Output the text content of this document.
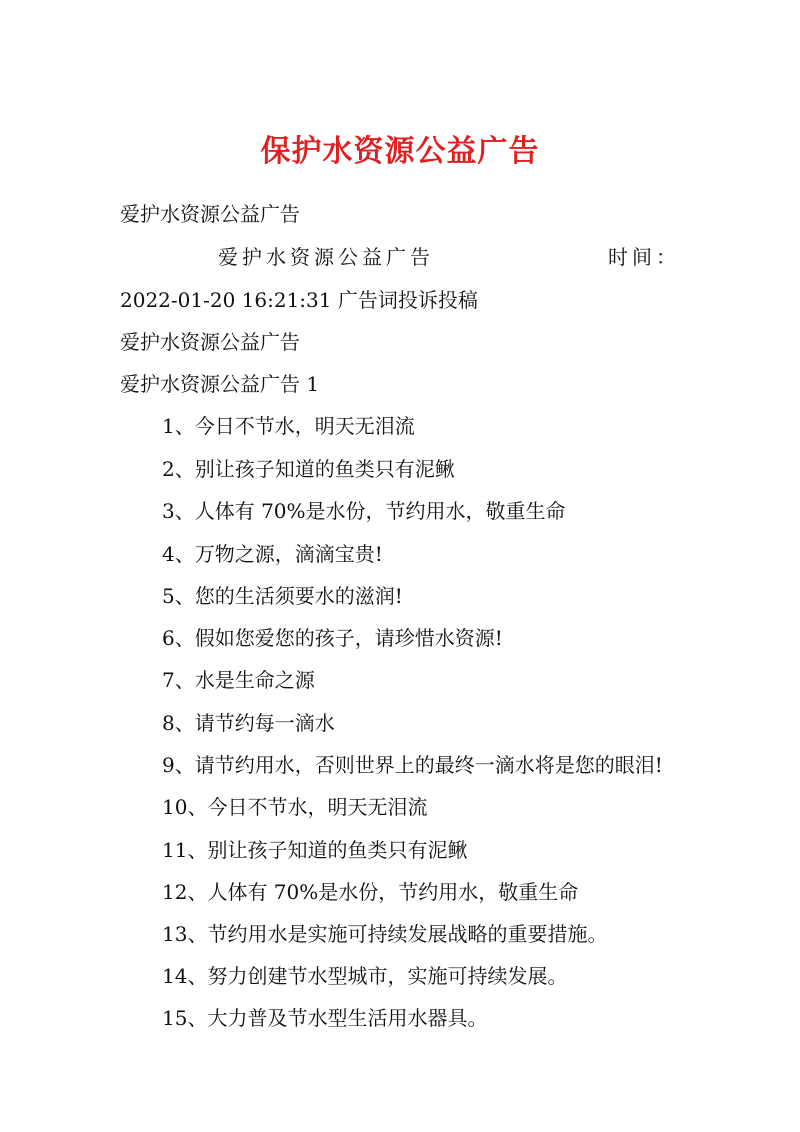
保护水资源公益广告
爱护水资源公益广告
爱护水资源公益广告	时间：
2022-01-20 16:21:31 广告词投诉投稿
爱护水资源公益广告
爱护水资源公益广告 1
1、今日不节水，明天无泪流
2、别让孩子知道的鱼类只有泥鳅
3、人体有 70%是水份，节约用水，敬重生命
4、万物之源，滴滴宝贵!
5、您的生活须要水的滋润!
6、假如您爱您的孩子，请珍惜水资源!
7、水是生命之源
8、请节约每一滴水
9、请节约用水，否则世界上的最终一滴水将是您的眼泪!
10、今日不节水，明天无泪流
11、别让孩子知道的鱼类只有泥鳅
12、人体有 70%是水份，节约用水，敬重生命
13、节约用水是实施可持续发展战略的重要措施。
14、努力创建节水型城市，实施可持续发展。
15、大力普及节水型生活用水器具。
